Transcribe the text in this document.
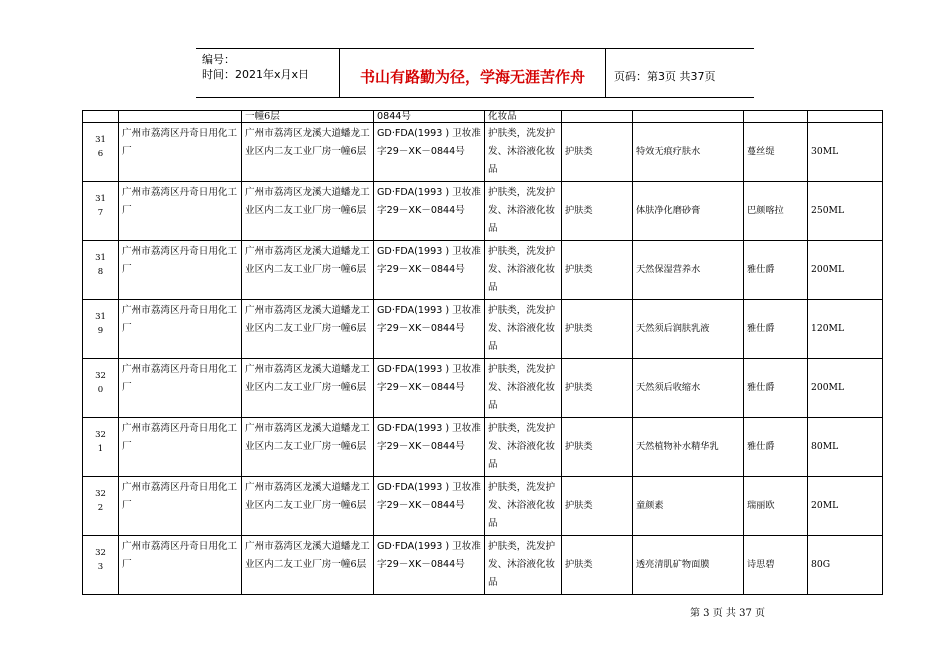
编号：
时间：2021年x月x日	书山有路勤为径，学海无涯苦作舟	页码：第3页 共37页
		一幢6层	0844号	化妆品				
31
6	广州市荔湾区丹奇日用化工厂	广州市荔湾区龙溪大道蟠龙工业区内二友工业厂房一幢6层	GD·FDA(1993 ) 卫妆准字29－XK－0844号	护肤类，洗发护发、沐浴液化妆品	护肤类	特效无痕疗肤水	蔓丝缇	30ML
31
7	广州市荔湾区丹奇日用化工厂	广州市荔湾区龙溪大道蟠龙工业区内二友工业厂房一幢6层	GD·FDA(1993 ) 卫妆准字29－XK－0844号	护肤类，洗发护发、沐浴液化妆品	护肤类	体肤净化磨砂膏	巴颜喀拉	250ML
31
8	广州市荔湾区丹奇日用化工厂	广州市荔湾区龙溪大道蟠龙工业区内二友工业厂房一幢6层	GD·FDA(1993 ) 卫妆准字29－XK－0844号	护肤类，洗发护发、沐浴液化妆品	护肤类	天然保湿营养水	雅仕爵	200ML
31
9	广州市荔湾区丹奇日用化工厂	广州市荔湾区龙溪大道蟠龙工业区内二友工业厂房一幢6层	GD·FDA(1993 ) 卫妆准字29－XK－0844号	护肤类，洗发护发、沐浴液化妆品	护肤类	天然须后润肤乳液	雅仕爵	120ML
32
0	广州市荔湾区丹奇日用化工厂	广州市荔湾区龙溪大道蟠龙工业区内二友工业厂房一幢6层	GD·FDA(1993 ) 卫妆准字29－XK－0844号	护肤类，洗发护发、沐浴液化妆品	护肤类	天然须后收缩水	雅仕爵	200ML
32
1	广州市荔湾区丹奇日用化工厂	广州市荔湾区龙溪大道蟠龙工业区内二友工业厂房一幢6层	GD·FDA(1993 ) 卫妆准字29－XK－0844号	护肤类，洗发护发、沐浴液化妆品	护肤类	天然植物补水精华乳	雅仕爵	80ML
32
2	广州市荔湾区丹奇日用化工厂	广州市荔湾区龙溪大道蟠龙工业区内二友工业厂房一幢6层	GD·FDA(1993 ) 卫妆准字29－XK－0844号	护肤类，洗发护发、沐浴液化妆品	护肤类	童颜素	瑞丽欧	20ML
32
3	广州市荔湾区丹奇日用化工厂	广州市荔湾区龙溪大道蟠龙工业区内二友工业厂房一幢6层	GD·FDA(1993 ) 卫妆准字29－XK－0844号	护肤类，洗发护发、沐浴液化妆品	护肤类	透亮清肌矿物面膜	诗思碧	80G
第 3 页 共 37 页
